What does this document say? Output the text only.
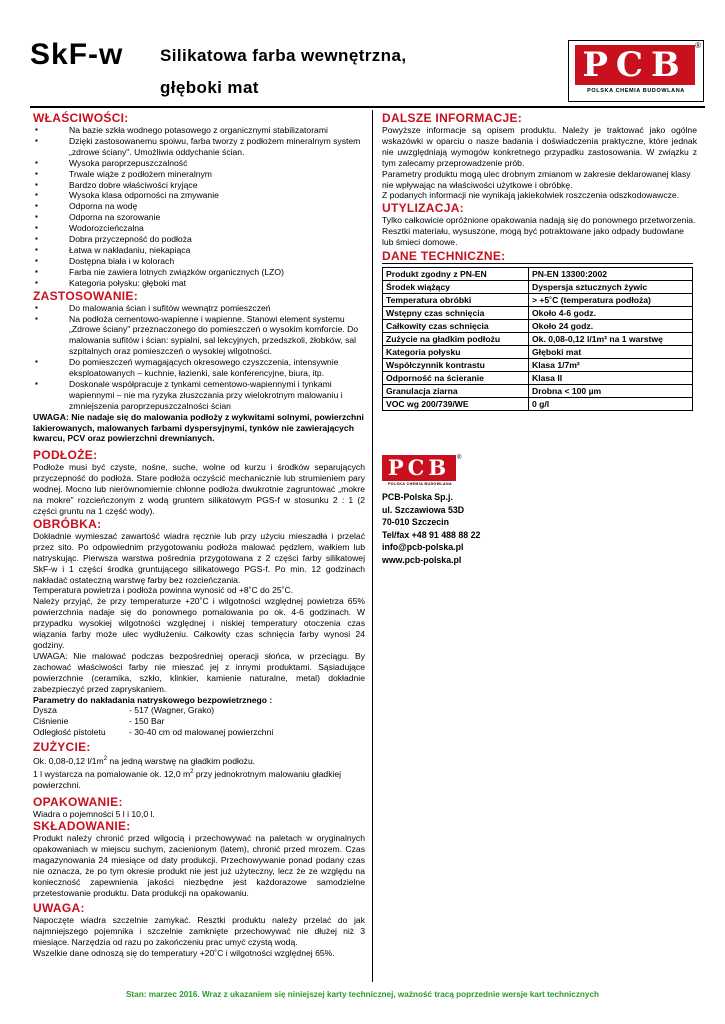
SkF-w Silikatowa farba wewnętrzna,
głęboki mat
PCB
POLSKA CHEMIA BUDOWLANA
®
WŁAŚCIWOŚCI:
▪ Na bazie szkła wodnego potasowego z organicznymi stabilizatorami
▪ Dzięki zastosowanemu spoiwu, farba tworzy z podłożem mineralnym system „zdrowe ściany". Umożliwia oddychanie ścian.
▪ Wysoka paroprzepuszczalność
▪ Trwale wiąże z podłożem mineralnym
▪ Bardzo dobre właściwości kryjące
▪ Wysoka klasa odporności na zmywanie
▪ Odporna na wodę
▪ Odporna na szorowanie
▪ Wodorozcieńczalna
▪ Dobra przyczepność do podłoża
▪ Łatwa w nakładaniu, niekapiąca
▪ Dostępna biała i w kolorach
▪ Farba nie zawiera lotnych związków organicznych (LZO)
▪ Kategoria połysku: głęboki mat
ZASTOSOWANIE:
▪ Do malowania ścian i sufitów wewnątrz pomieszczeń
▪ Na podłoża cementowo-wapienne i wapienne. Stanowi element systemu „Zdrowe ściany" przeznaczonego do pomieszczeń o wysokim komforcie. Do malowania sufitów i ścian: sypialni, sal lekcyjnych, przedszkoli, żłobków, sal szpitalnych oraz pomieszczeń o wysokiej wilgotności.
▪ Do pomieszczeń wymagających okresowego czyszczenia, intensywnie eksploatowanych – kuchnie, łazienki, sale konferencyjne, biura, itp.
▪ Doskonale współpracuje z tynkami cementowo-wapiennymi i tynkami wapiennymi – nie ma ryzyka złuszczania przy wielokrotnym malowaniu i zmniejszenia paroprzepuszczalności ścian

UWAGA: Nie nadaje się do malowania podłoży z wykwitami solnymi, powierzchni lakierowanych, malowanych farbami dyspersyjnymi, tynków nie zawierających kwarcu, PCV oraz powierzchni drewnianych.

PODŁOŻE:

Podłoże musi być czyste, nośne, suche, wolne od kurzu i środków separujących przyczepność do podłoża. Stare podłoża oczyścić mechanicznie lub strumieniem pary wodnej. Mocno lub nierównomiernie chłonne podłoża dwukrotnie zagruntować „mokre na mokre" rozcieńczonym z wodą gruntem silikatowym PGS-f w stosunku 2 : 1 (2 części gruntu na 1 część wody).

OBRÓBKA:

Dokładnie wymieszać zawartość wiadra ręcznie lub przy użyciu mieszadła i przelać przez sito. Po odpowiednim przygotowaniu podłoża malować pędzlem, wałkiem lub natryskując. Pierwsza warstwa pośrednia przygotowana z 2 części farby silikatowej SkF-w i 1 części środka gruntującego silikatowego PGS-f. Po min. 12 godzinach nakładać ostateczną warstwę farby bez rozcieńczania.

Temperatura powietrza i podłoża powinna wynosić od +8˚C do 25˚C.

Należy przyjąć, że przy temperaturze +20˚C i wilgotności względnej powietrza 65% powierzchnia nadaje się do ponownego pomalowania po ok. 4-6 godzinach. W przypadku wysokiej wilgotności względnej i niskiej temperatury otoczenia czas wiązania farby może ulec wydłużeniu. Całkowity czas schnięcia farby wynosi 24 godziny.

UWAGA: Nie malować podczas bezpośredniej operacji słońca, w przeciągu. By zachować właściwości farby nie mieszać jej z innymi produktami. Sąsiadujące powierzchnie (ceramika, szkło, klinkier, kamienie naturalne, metal) dokładnie zabezpieczyć przed zapryskaniem.

Parametry do nakładania natryskowego bezpowietrznego :

Dysza	- 517 (Wagner, Grako)
Ciśnienie	- 150 Bar
Odległość pistoletu	- 30-40 cm od malowanej powierzchni
ZUŻYCIE:

Ok. 0,08-0,12 $l/1m^2$ na jedną warstwę na gładkim podłożu.

1 l wystarcza na pomalowanie ok. 12,0 $m^2$ przy jednokrotnym malowaniu gładkiej powierzchni.

OPAKOWANIE:

Wiadra o pojemności 5 l i 10,0 l.

SKŁADOWANIE:

Produkt należy chronić przed wilgocią i przechowywać na paletach w oryginalnych opakowaniach w miejscu suchym, zacienionym (latem), chronić przed mrozem. Czas magazynowania 24 miesiące od daty produkcji. Przechowywanie ponad podany czas nie oznacza, że po tym okresie produkt nie jest już użyteczny, lecz że ze względu na konieczność zapewnienia jakości niezbędne jest każdorazowe samodzielne przetestowanie produktu. Data produkcji na opakowaniu.

UWAGA:

Napoczęte wiadra szczelnie zamykać. Resztki produktu należy przelać do jak najmniejszego pojemnika i szczelnie zamknięte przechowywać nie dłużej niż 3 miesiące. Narzędzia od razu po zakończeniu prac umyć czystą wodą.

Wszelkie dane odnoszą się do temperatury +20˚C i wilgotności względnej 65%.

DALSZE INFORMACJE:

Powyższe informacje są opisem produktu. Należy je traktować jako ogólne wskazówki w oparciu o nasze badania i doświadczenia praktyczne, które jednak nie uwzględniają wymogów konkretnego przypadku zastosowania. W związku z tym zalecamy przeprowadzenie prób.

Parametry produktu mogą ulec drobnym zmianom w zakresie deklarowanej klasy nie wpływając na właściwości użytkowe i obróbkę.

Z podanych informacji nie wynikają jakiekolwiek roszczenia odszkodowawcze.

UTYLIZACJA:

Tylko całkowicie opróżnione opakowania nadają się do ponownego przetworzenia.

Resztki materiału, wysuszone, mogą być potraktowane jako odpady budowlane lub śmieci domowe.

DANE TECHNICZNE:
Produkt zgodny z PN-EN	PN-EN 13300:2002
Środek wiążący	Dyspersja sztucznych żywic
Temperatura obróbki	> +5˚C (temperatura podłoża)
Wstępny czas schnięcia	Około 4-6 godz.
Całkowity czas schnięcia	Około 24 godz.
Zużycie na gładkim podłożu	Ok. 0,08-0,12 l/1m² na 1 warstwę
Kategoria połysku	Głęboki mat
Współczynnik kontrastu	Klasa 1/7m²
Odporność na ścieranie	Klasa II
Granulacja ziarna	Drobna < 100 µm
VOC wg 200/739/WE	0 g/l
PCB
POLSKA CHEMIA BUDOWLANA
®
PCB-Polska Sp.j.
ul. Szczawiowa 53D
70-010 Szczecin
Tel/fax +48 91 488 88 22
info@pcb-polska.pl
www.pcb-polska.pl
Stan: marzec 2016. Wraz z ukazaniem się niniejszej karty technicznej, ważność tracą poprzednie wersje kart technicznych
